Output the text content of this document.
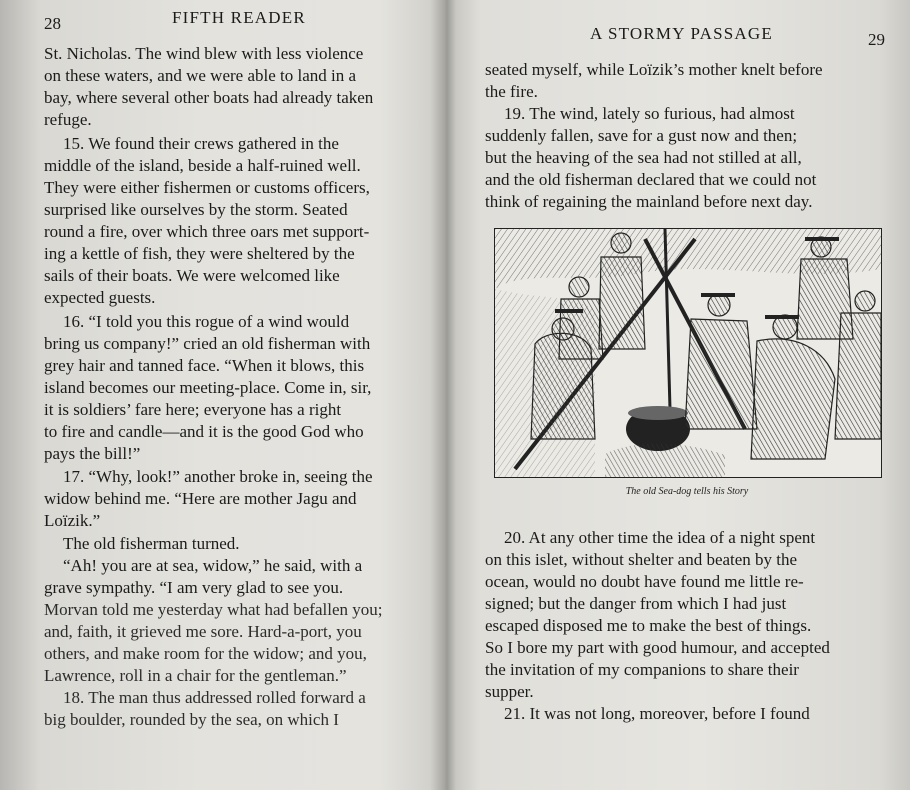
28	FIFTH READER
St. Nicholas. The wind blew with less violence
on these waters, and we were able to land in a
bay, where several other boats had already taken
refuge.
15. We found their crews gathered in the
middle of the island, beside a half-ruined well.
They were either fishermen or customs officers,
surprised like ourselves by the storm. Seated
round a fire, over which three oars met support-
ing a kettle of fish, they were sheltered by the
sails of their boats. We were welcomed like
expected guests.
16. “I told you this rogue of a wind would
bring us company!” cried an old fisherman with
grey hair and tanned face. “When it blows, this
island becomes our meeting-place. Come in, sir,
it is soldiers’ fare here; everyone has a right
to fire and candle—and it is the good God who
pays the bill!”
17. “Why, look!” another broke in, seeing the
widow behind me. “Here are mother Jagu and
Loïzik.”
The old fisherman turned.
“Ah! you are at sea, widow,” he said, with a
grave sympathy. “I am very glad to see you.
Morvan told me yesterday what had befallen you;
and, faith, it grieved me sore. Hard-a-port, you
others, and make room for the widow; and you,
Lawrence, roll in a chair for the gentleman.”
18. The man thus addressed rolled forward a
big boulder, rounded by the sea, on which I
A STORMY PASSAGE	29
seated myself, while Loïzik’s mother knelt before
the fire.
19. The wind, lately so furious, had almost
suddenly fallen, save for a gust now and then;
but the heaving of the sea had not stilled at all,
and the old fisherman declared that we could not
think of regaining the mainland before next day.
The old Sea-dog tells his Story
20. At any other time the idea of a night spent
on this islet, without shelter and beaten by the
ocean, would no doubt have found me little re-
signed; but the danger from which I had just
escaped disposed me to make the best of things.
So I bore my part with good humour, and accepted
the invitation of my companions to share their
supper.
21. It was not long, moreover, before I found
